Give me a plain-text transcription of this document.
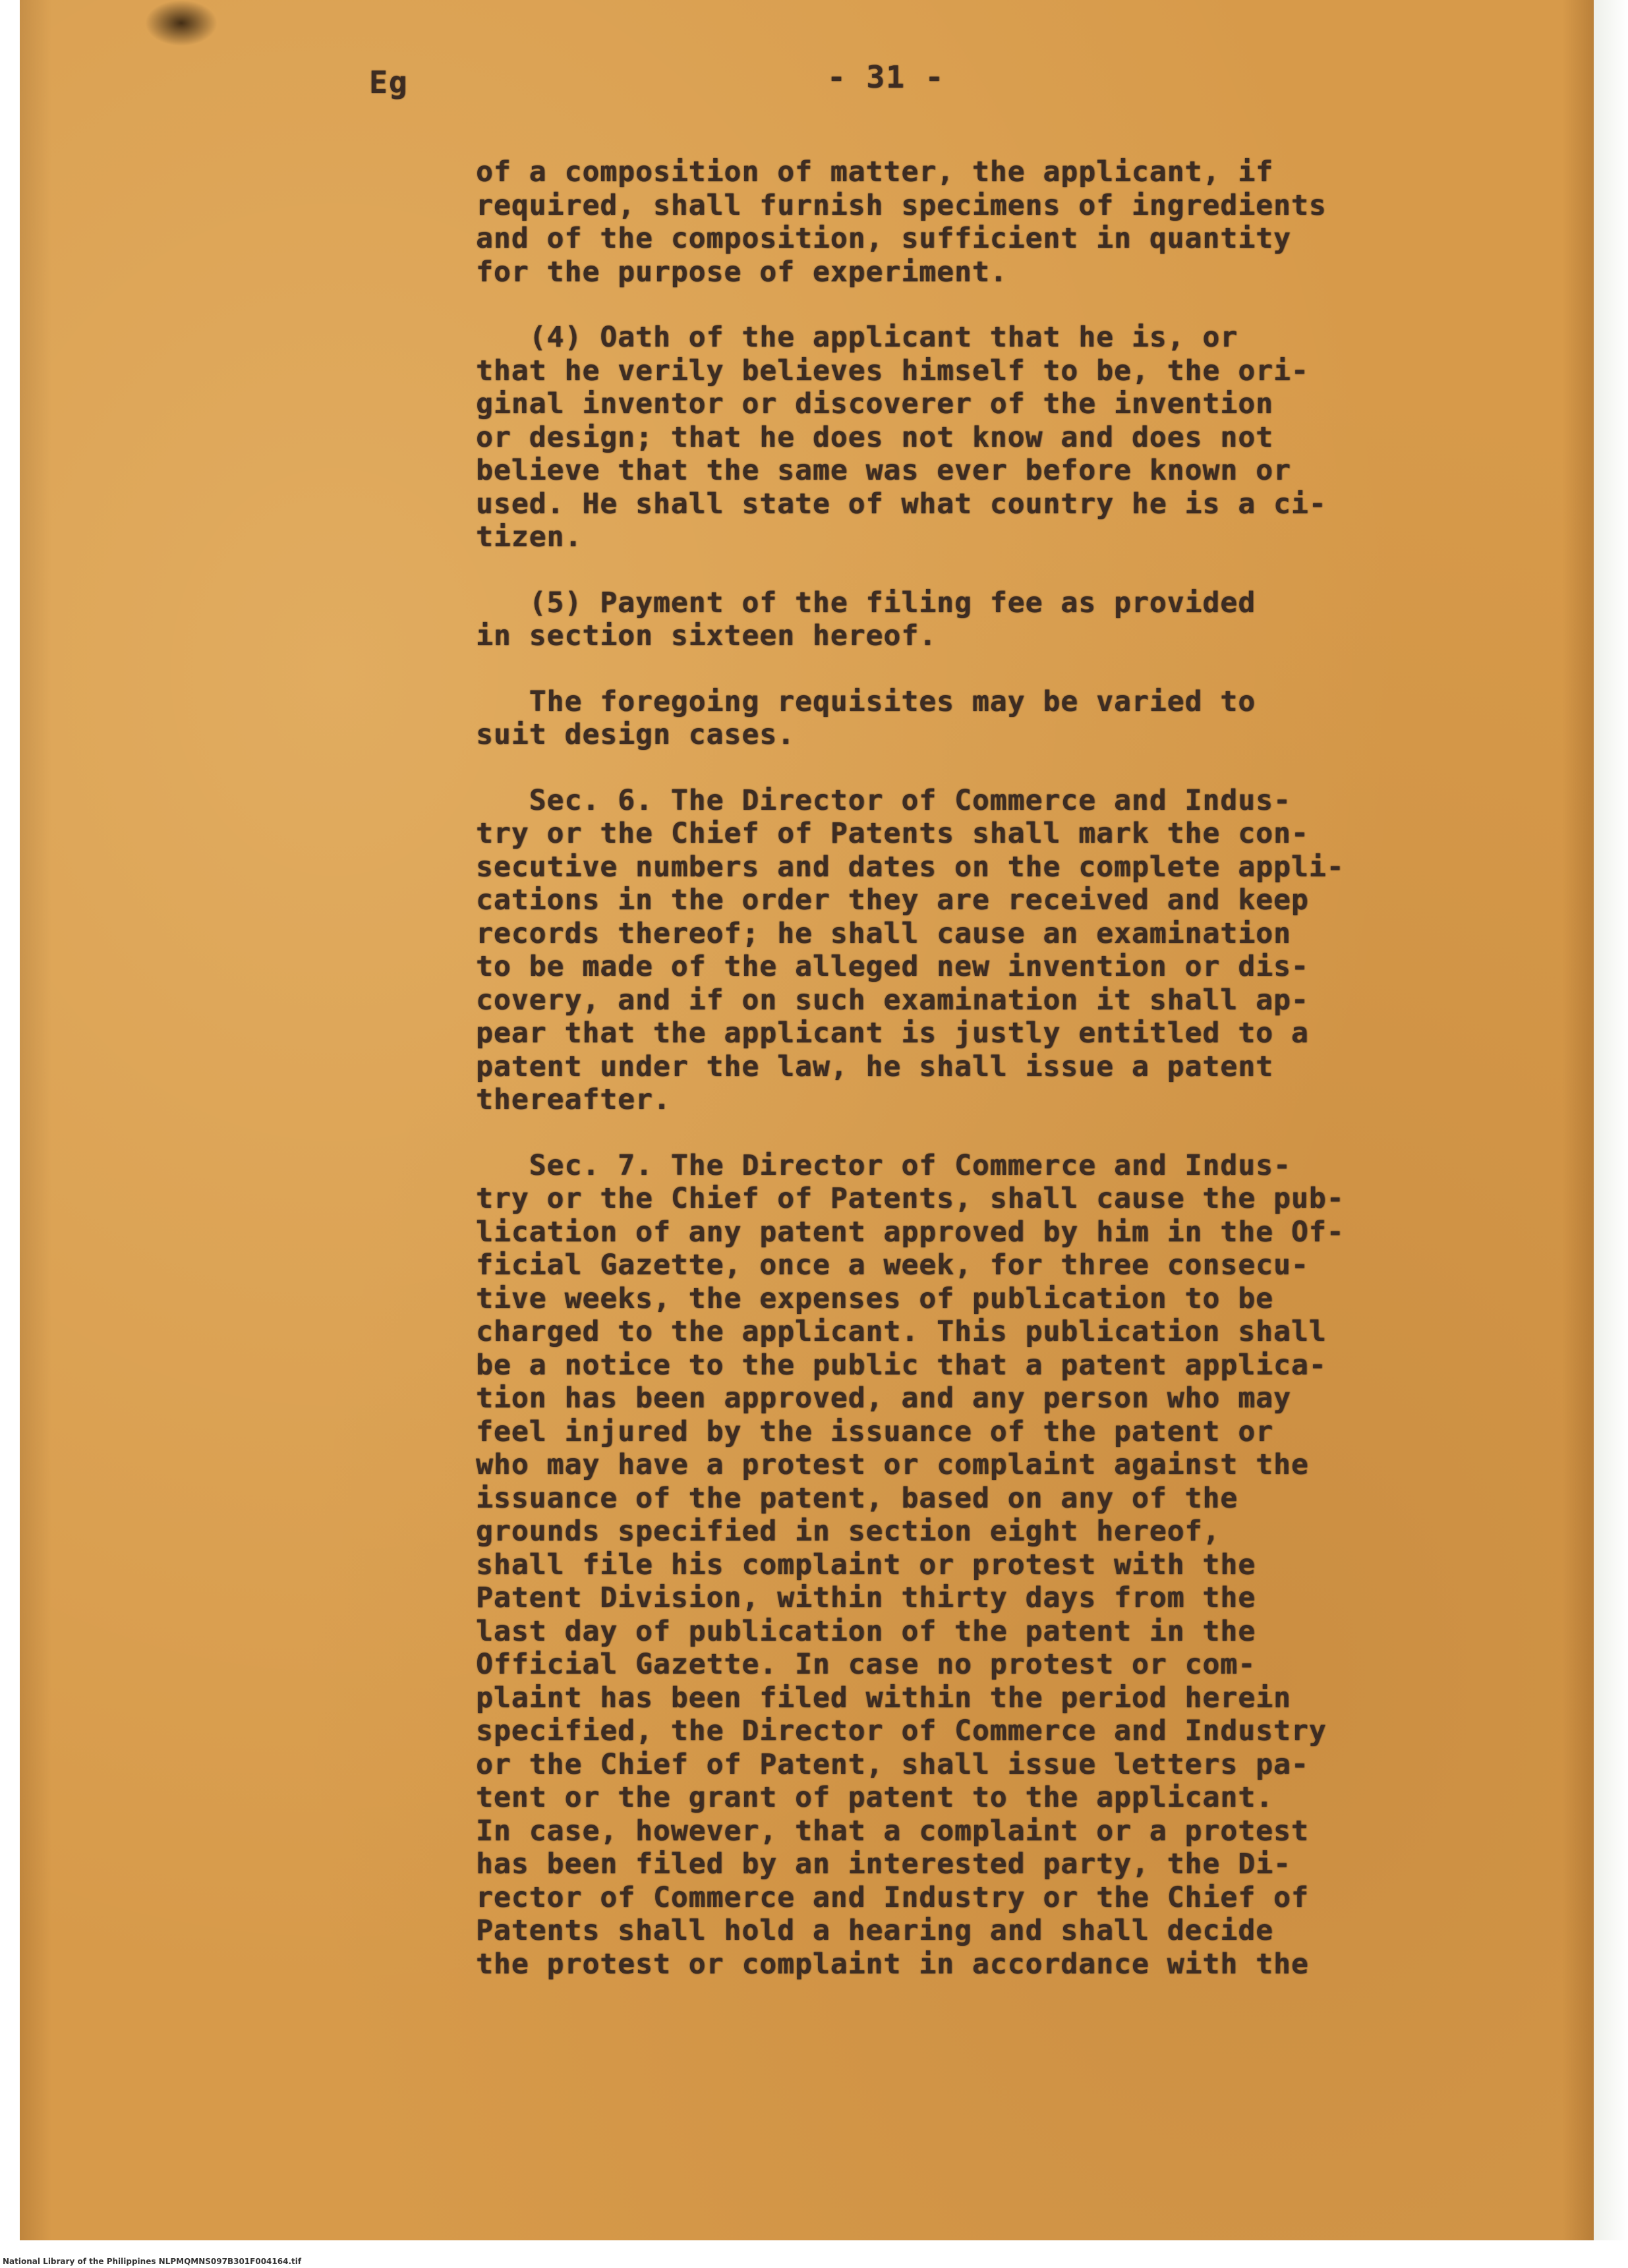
Eg	- 31 -

of a composition of matter, the applicant, if

required, shall furnish specimens of ingredients

and of the composition, sufficient in quantity

for the purpose of experiment.

(4) Oath of the applicant that he is, or

that he verily believes himself to be, the ori-

ginal inventor or discoverer of the invention

or design; that he does not know and does not

believe that the same was ever before known or

used. He shall state of what country he is a ci-

tizen.

(5) Payment of the filing fee as provided

in section sixteen hereof.

The foregoing requisites may be varied to

suit design cases.

Sec. 6. The Director of Commerce and Indus-

try or the Chief of Patents shall mark the con-

secutive numbers and dates on the complete appli-

cations in the order they are received and keep

records thereof; he shall cause an examination

to be made of the alleged new invention or dis-

covery, and if on such examination it shall ap-

pear that the applicant is justly entitled to a

patent under the law, he shall issue a patent

thereafter.

Sec. 7. The Director of Commerce and Indus-

try or the Chief of Patents, shall cause the pub-

lication of any patent approved by him in the Of-

ficial Gazette, once a week, for three consecu-

tive weeks, the expenses of publication to be

charged to the applicant. This publication shall

be a notice to the public that a patent applica-

tion has been approved, and any person who may

feel injured by the issuance of the patent or

who may have a protest or complaint against the

issuance of the patent, based on any of the

grounds specified in section eight hereof,

shall file his complaint or protest with the

Patent Division, within thirty days from the

last day of publication of the patent in the

Official Gazette. In case no protest or com-

plaint has been filed within the period herein

specified, the Director of Commerce and Industry

or the Chief of Patent, shall issue letters pa-

tent or the grant of patent to the applicant.

In case, however, that a complaint or a protest

has been filed by an interested party, the Di-

rector of Commerce and Industry or the Chief of

Patents shall hold a hearing and shall decide

the protest or complaint in accordance with the

National Library of the Philippines NLPMQMNS097B301F004164.tif
